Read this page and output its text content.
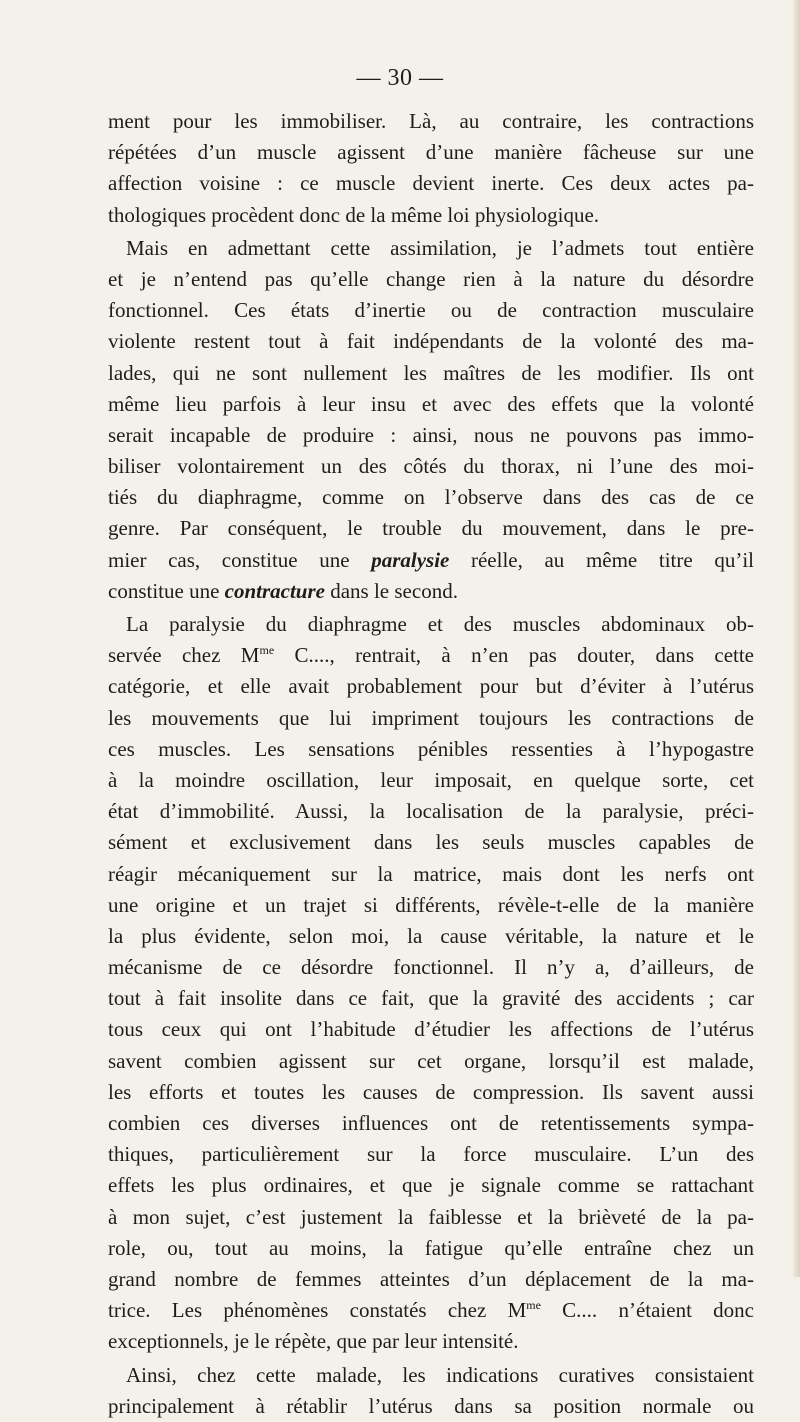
— 30 —
ment pour les immobiliser. Là, au contraire, les contractions
répétées d’un muscle agissent d’une manière fâcheuse sur une
affection voisine : ce muscle devient inerte. Ces deux actes pa-
thologiques procèdent donc de la même loi physiologique.
Mais en admettant cette assimilation, je l’admets tout entière
et je n’entend pas qu’elle change rien à la nature du désordre
fonctionnel. Ces états d’inertie ou de contraction musculaire
violente restent tout à fait indépendants de la volonté des ma-
lades, qui ne sont nullement les maîtres de les modifier. Ils ont
même lieu parfois à leur insu et avec des effets que la volonté
serait incapable de produire : ainsi, nous ne pouvons pas immo-
biliser volontairement un des côtés du thorax, ni l’une des moi-
tiés du diaphragme, comme on l’observe dans des cas de ce
genre. Par conséquent, le trouble du mouvement, dans le pre-
mier cas, constitue une paralysie réelle, au même titre qu’il
constitue une contracture dans le second.
La paralysie du diaphragme et des muscles abdominaux ob-
servée chez $M^{me}$ C...., rentrait, à n’en pas douter, dans cette
catégorie, et elle avait probablement pour but d’éviter à l’utérus
les mouvements que lui impriment toujours les contractions de
ces muscles. Les sensations pénibles ressenties à l’hypogastre
à la moindre oscillation, leur imposait, en quelque sorte, cet
état d’immobilité. Aussi, la localisation de la paralysie, préci-
sément et exclusivement dans les seuls muscles capables de
réagir mécaniquement sur la matrice, mais dont les nerfs ont
une origine et un trajet si différents, révèle-t-elle de la manière
la plus évidente, selon moi, la cause véritable, la nature et le
mécanisme de ce désordre fonctionnel. Il n’y a, d’ailleurs, de
tout à fait insolite dans ce fait, que la gravité des accidents ; car
tous ceux qui ont l’habitude d’étudier les affections de l’utérus
savent combien agissent sur cet organe, lorsqu’il est malade,
les efforts et toutes les causes de compression. Ils savent aussi
combien ces diverses influences ont de retentissements sympa-
thiques, particulièrement sur la force musculaire. L’un des
effets les plus ordinaires, et que je signale comme se rattachant
à mon sujet, c’est justement la faiblesse et la brièveté de la pa-
role, ou, tout au moins, la fatigue qu’elle entraîne chez un
grand nombre de femmes atteintes d’un déplacement de la ma-
trice. Les phénomènes constatés chez $M^{me}$ C.... n’étaient donc
exceptionnels, je le répète, que par leur intensité.
Ainsi, chez cette malade, les indications curatives consistaient
principalement à rétablir l’utérus dans sa position normale ou
